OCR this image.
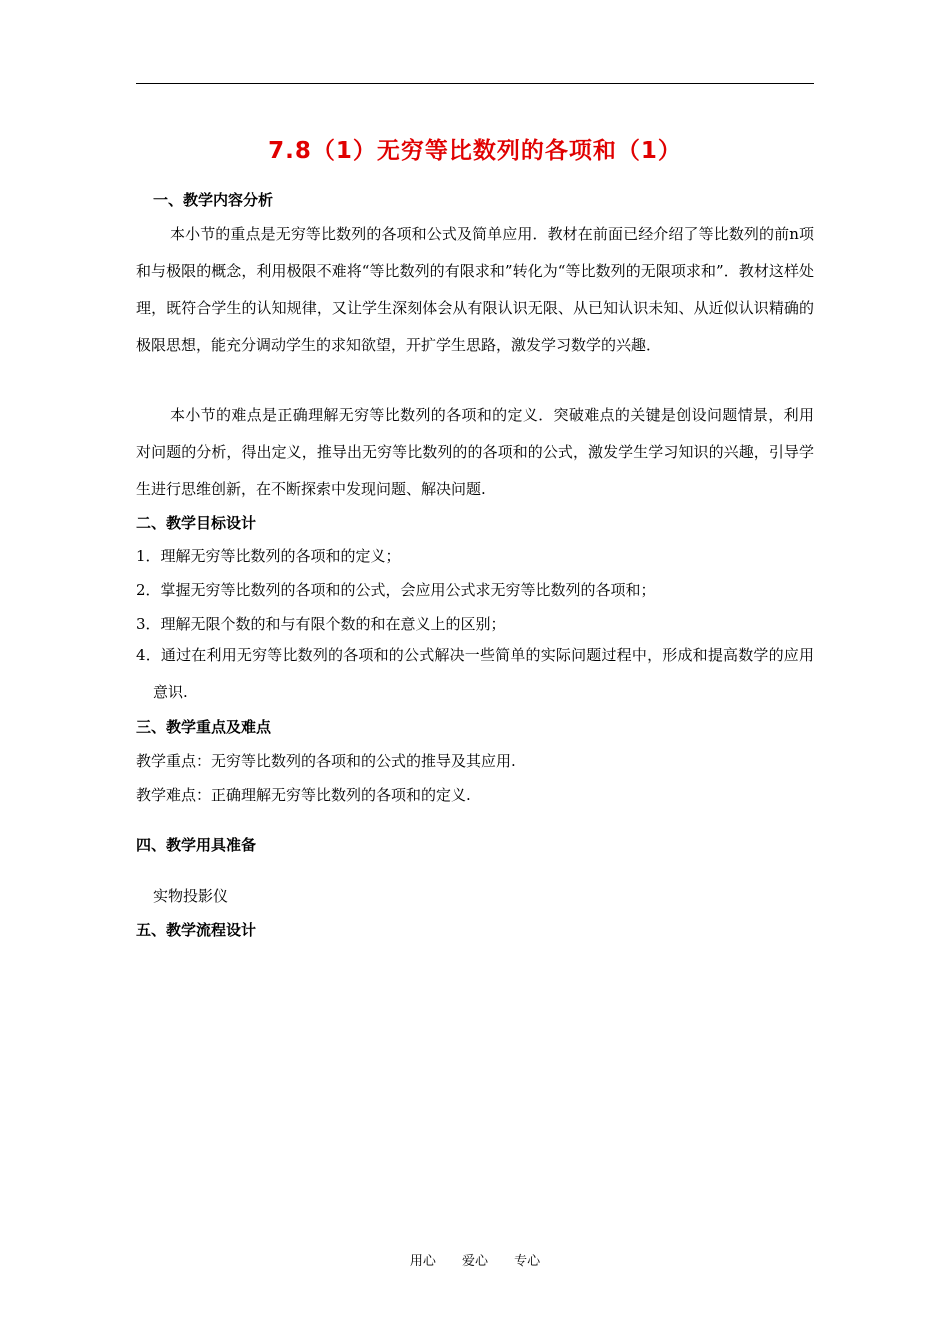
7.8（1）无穷等比数列的各项和（1）
一、教学内容分析
本小节的重点是无穷等比数列的各项和公式及简单应用．教材在前面已经介绍了等比数列的前n项和与极限的概念，利用极限不难将“等比数列的有限求和”转化为“等比数列的无限项求和”．教材这样处理，既符合学生的认知规律，又让学生深刻体会从有限认识无限、从已知认识未知、从近似认识精确的极限思想，能充分调动学生的求知欲望，开扩学生思路，激发学习数学的兴趣．
本小节的难点是正确理解无穷等比数列的各项和的定义．突破难点的关键是创设问题情景，利用对问题的分析，得出定义，推导出无穷等比数列的的各项和的公式，激发学生学习知识的兴趣，引导学生进行思维创新，在不断探索中发现问题、解决问题.
二、教学目标设计
1．理解无穷等比数列的各项和的定义；
2．掌握无穷等比数列的各项和的公式，会应用公式求无穷等比数列的各项和；
3．理解无限个数的和与有限个数的和在意义上的区别；
4．通过在利用无穷等比数列的各项和的公式解决一些简单的实际问题过程中，形成和提高数学的应用意识.
三、教学重点及难点
教学重点：无穷等比数列的各项和的公式的推导及其应用.
教学难点：正确理解无穷等比数列的各项和的定义.
四、教学用具准备
实物投影仪
五、教学流程设计
用心 爱心 专心
